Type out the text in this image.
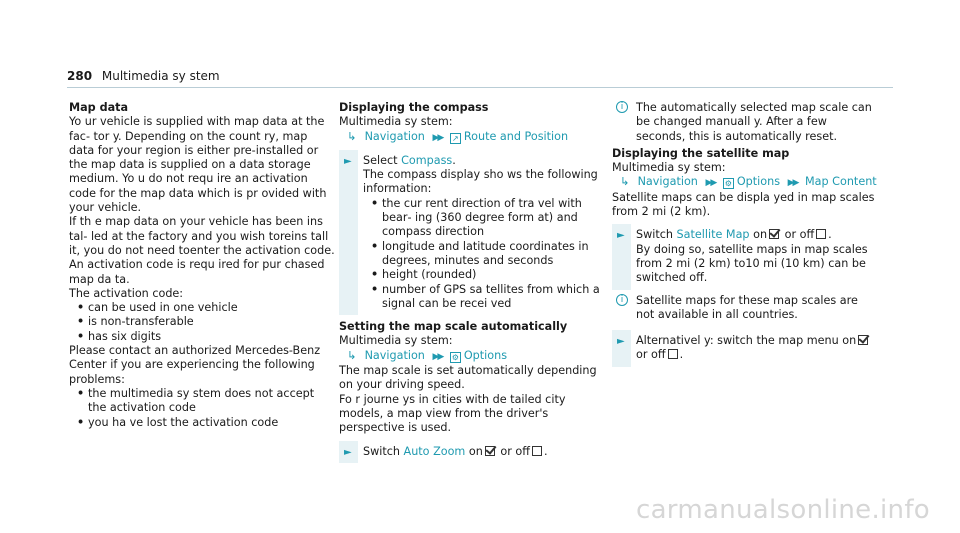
280 Multimedia sy stem

Map data

Yo ur vehicle is supplied with map data at the fac‐ tor y. Depending on the count ry, map data for your region is either pre-installed or the map data is supplied on a data storage medium. Yo u do not requ ire an activation code for the map data which is pr ovided with your vehicle.

If th e map data on your vehicle has been ins tal‐ led at the factory and you wish toreins tall it, you do not need toenter the activation code.

An activation code is requ ired for pur chased map da ta.

The activation code:

• can be used in one vehicle
• is non-transferable
• has six digits

Please contact an authorized Mercedes-Benz Center if you are experiencing the following problems:

• the multimedia sy stem does not accept the activation code
• you ha ve lost the activation code

Displaying the compass

Multimedia sy stem:

↳ Navigation ▶▶ ↗ Route and Position

► Select Compass.

The compass display sho ws the following information:

• the cur rent direction of tra vel with bear‐ ing (360 degree form at) and compass direction
• longitude and latitude coordinates in degrees, minutes and seconds
• height (rounded)
• number of GPS sa tellites from which a signal can be recei ved

Setting the map scale automatically

Multimedia sy stem:

↳ Navigation ▶▶ ⚙ Options

The map scale is set automatically depending on your driving speed.

Fo r journe ys in cities with de tailed city models, a map view from the driver's perspective is used.

► Switch Auto Zoom on or off .

i	The automatically selected map scale can be changed manuall y. After a few seconds, this is automatically reset.

Displaying the satellite map

Multimedia sy stem:

↳ Navigation ▶▶ ⚙ Options ▶▶ Map Content

Satellite maps can be displa yed in map scales from 2 mi (2 km).

► Switch Satellite Map on or off .

By doing so, satellite maps in map scales from 2 mi (2 km) to10 mi (10 km) can be switched off.

i	Satellite maps for these map scales are not available in all countries.

► Alternativel y: switch the map menu on or off .

carmanualsonline.info
